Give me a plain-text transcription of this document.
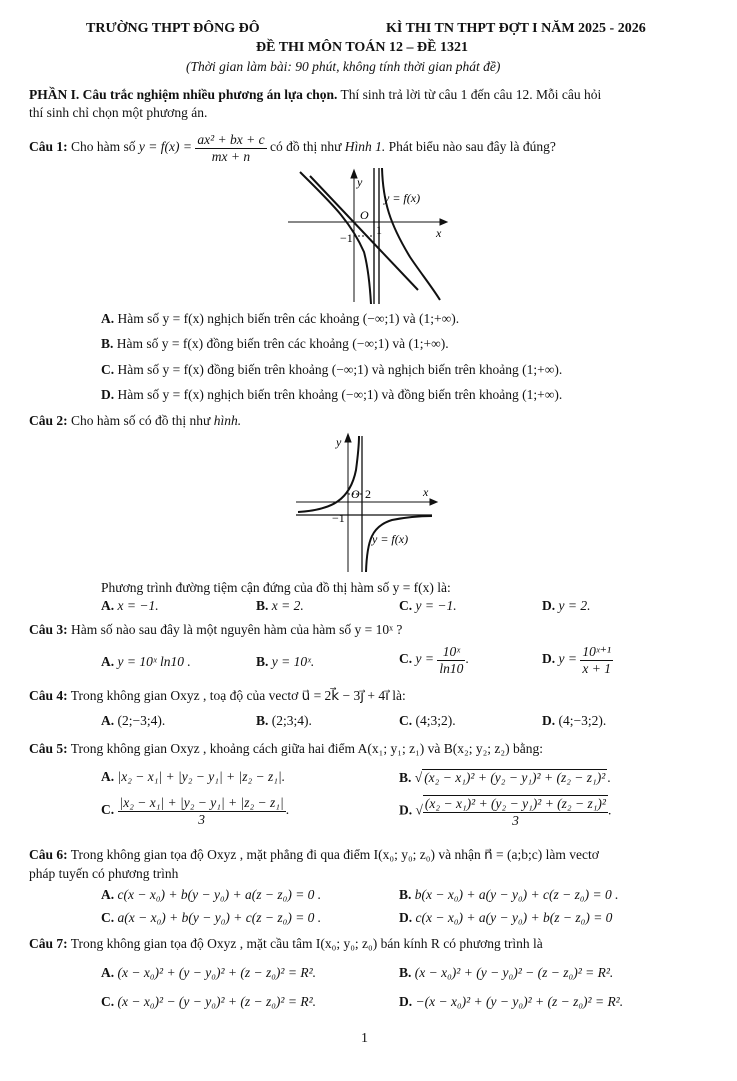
TRƯỜNG THPT ĐÔNG ĐÔ	KÌ THI TN THPT ĐỢT I NĂM 2025 - 2026
ĐỀ THI MÔN TOÁN 12 – ĐỀ 1321
(Thời gian làm bài: 90 phút, không tính thời gian phát đề)
PHẦN I. Câu trắc nghiệm nhiều phương án lựa chọn. Thí sinh trả lời từ câu 1 đến câu 12. Mỗi câu hỏi
thí sinh chỉ chọn một phương án.
Câu 1: Cho hàm số $y = f(x) = \frac{\text{ax² + bx + c}}{mx + n}$ có đồ thị như Hình 1. Phát biểu nào sau đây là đúng?
y
x
O
1
−1
y = f(x)
A. Hàm số y = f(x) nghịch biến trên các khoảng (−∞;1) và (1;+∞).
B. Hàm số y = f(x) đồng biến trên các khoảng (−∞;1) và (1;+∞).
C. Hàm số y = f(x) đồng biến trên khoảng (−∞;1) và nghịch biến trên khoảng (1;+∞).
D. Hàm số y = f(x) nghịch biến trên khoảng (−∞;1) và đồng biến trên khoảng (1;+∞).
Câu 2: Cho hàm số có đồ thị như hình.
y
x
O 2
−1
y = f(x)
Phương trình đường tiệm cận đứng của đồ thị hàm số y = f(x) là:
A. x = −1.	B. x = 2.	C. y = −1.	D. y = 2.
Câu 3: Hàm số nào sau đây là một nguyên hàm của hàm số y = 10ˣ ?
A. y = 10ˣ ln10 .	B. y = 10ˣ.	C. $y = \frac{\text{10ˣ}}{\ln 10}$ .	D. $y = \frac{\text{10ˣ⁺¹}}{x + 1}$
Câu 4: Trong không gian Oxyz , toạ độ của vectơ u⃗ = 2k⃗ − 3j⃗ + 4i⃗ là:
A. (2;−3;4).	B. (2;3;4).	C. (4;3;2).	D. (4;−3;2).
Câu 5: Trong không gian Oxyz , khoảng cách giữa hai điểm A(x₁; y₁; z₁) và B(x₂; y₂; z₂) bằng:
A. |x₂ − x₁| + |y₂ − y₁| + |z₂ − z₁|.	B. √ (x₂ − x₁)² + (y₂ − y₁)² + (z₂ − z₁)² .
C. $\frac{\text{|x₂ − x₁| + |y₂ − y₁| + |z₂ − z₁|}}{3}$ .	D. √ $\frac{\text{(x₂ − x₁)² + (y₂ − y₁)² + (z₂ − z₁)²}}{3}$ .
Câu 6: Trong không gian tọa độ Oxyz , mặt phẳng đi qua điểm I(x₀; y₀; z₀) và nhận n⃗ = (a;b;c) làm vectơ
pháp tuyến có phương trình
A. c(x − x₀) + b(y − y₀) + a(z − z₀) = 0 .	B. b(x − x₀) + a(y − y₀) + c(z − z₀) = 0 .
C. a(x − x₀) + b(y − y₀) + c(z − z₀) = 0 .	D. c(x − x₀) + a(y − y₀) + b(z − z₀) = 0
Câu 7: Trong không gian tọa độ Oxyz , mặt cầu tâm I(x₀; y₀; z₀) bán kính R có phương trình là
A. (x − x₀)² + (y − y₀)² + (z − z₀)² = R².	B. (x − x₀)² + (y − y₀)² − (z − z₀)² = R².
C. (x − x₀)² − (y − y₀)² + (z − z₀)² = R².	D. −(x − x₀)² + (y − y₀)² + (z − z₀)² = R².
1
